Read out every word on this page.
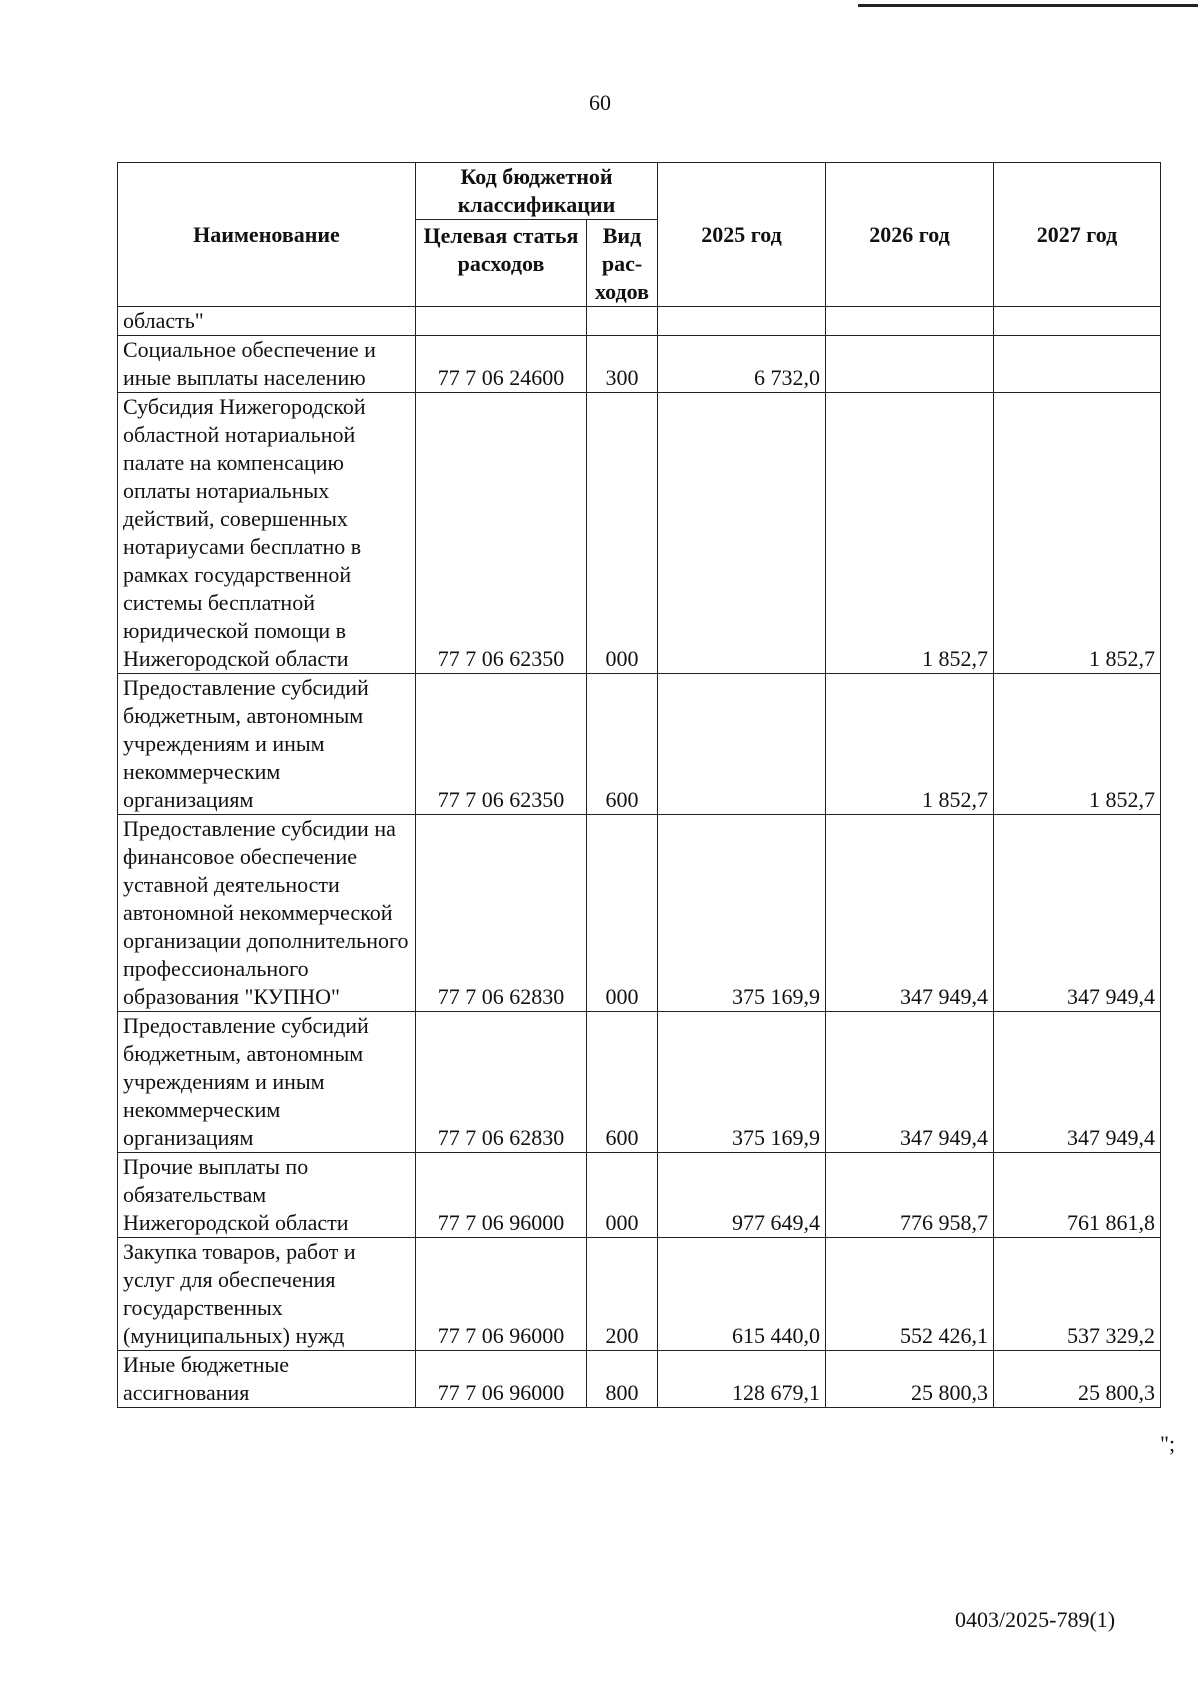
60
Наименование	Код бюджетной классификации		2025 год	2026 год	2027 год
	Целевая статья расходов	Вид рас-ходов			
область"					
Социальное обеспечение и иные выплаты населению	77 7 06 24600	300	6 732,0		
Субсидия Нижегородской областной нотариальной палате на компенсацию оплаты нотариальных действий, совершенных нотариусами бесплатно в рамках государственной системы бесплатной юридической помощи в Нижегородской области	77 7 06 62350	000		1 852,7	1 852,7
Предоставление субсидий бюджетным, автономным учреждениям и иным некоммерческим организациям	77 7 06 62350	600		1 852,7	1 852,7
Предоставление субсидии на финансовое обеспечение уставной деятельности автономной некоммерческой организации дополнительного профессионального образования "КУПНО"	77 7 06 62830	000	375 169,9	347 949,4	347 949,4
Предоставление субсидий бюджетным, автономным учреждениям и иным некоммерческим организациям	77 7 06 62830	600	375 169,9	347 949,4	347 949,4
Прочие выплаты по обязательствам Нижегородской области	77 7 06 96000	000	977 649,4	776 958,7	761 861,8
Закупка товаров, работ и услуг для обеспечения государственных (муниципальных) нужд	77 7 06 96000	200	615 440,0	552 426,1	537 329,2
Иные бюджетные ассигнования	77 7 06 96000	800	128 679,1	25 800,3	25 800,3
";
0403/2025-789(1)
